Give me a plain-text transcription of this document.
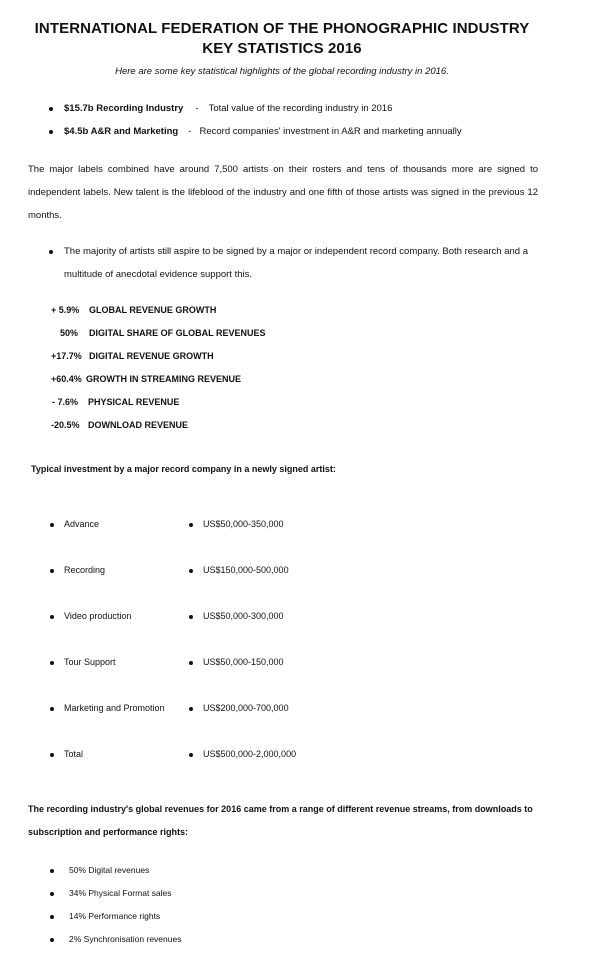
INTERNATIONAL FEDERATION OF THE PHONOGRAPHIC INDUSTRY
KEY STATISTICS 2016
Here are some key statistical highlights of the global recording industry in 2016.
$15.7b Recording Industry - Total value of the recording industry in 2016
$4.5b A&R and Marketing - Record companies' investment in A&R and marketing annually
The major labels combined have around 7,500 artists on their rosters and tens of thousands more are signed to independent labels. New talent is the lifeblood of the industry and one fifth of those artists was signed in the previous 12 months.
The majority of artists still aspire to be signed by a major or independent record company. Both research and a multitude of anecdotal evidence support this.
+ 5.9% GLOBAL REVENUE GROWTH
50% DIGITAL SHARE OF GLOBAL REVENUES
+17.7% DIGITAL REVENUE GROWTH
+60.4% GROWTH IN STREAMING REVENUE
- 7.6% PHYSICAL REVENUE
-20.5% DOWNLOAD REVENUE
Typical investment by a major record company in a newly signed artist:
Advance	US$50,000-350,000
Recording	US$150,000-500,000
Video production	US$50,000-300,000
Tour Support	US$50,000-150,000
Marketing and Promotion	US$200,000-700,000
Total	US$500,000-2,000,000
The recording industry's global revenues for 2016 came from a range of different revenue streams, from downloads to
subscription and performance rights:
50% Digital revenues
34% Physical Format sales
14% Performance rights
2% Synchronisation revenues
